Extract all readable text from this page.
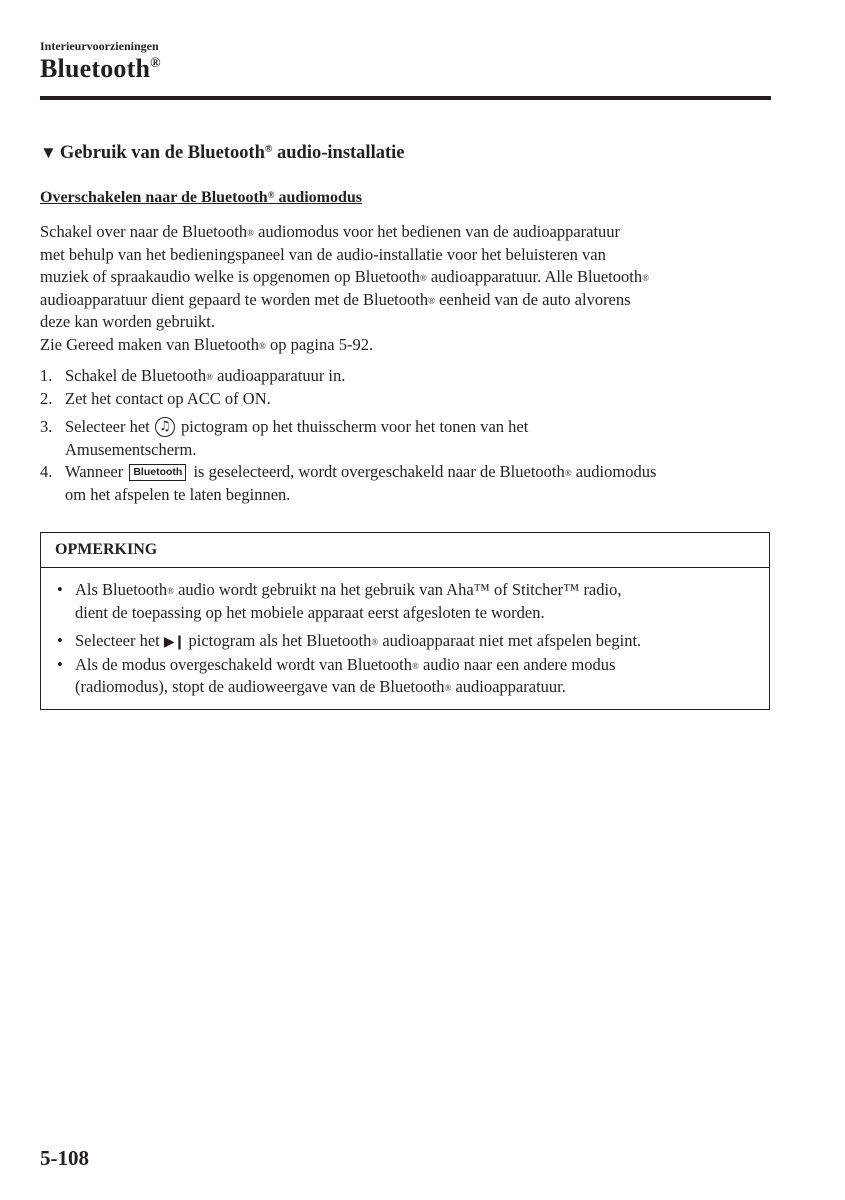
Interieurvoorzieningen
Bluetooth®
▼ Gebruik van de Bluetooth® audio-installatie
Overschakelen naar de Bluetooth® audiomodus
Schakel over naar de Bluetooth® audiomodus voor het bedienen van de audioapparatuur
met behulp van het bedieningspaneel van de audio-installatie voor het beluisteren van
muziek of spraakaudio welke is opgenomen op Bluetooth® audioapparatuur. Alle Bluetooth®
audioapparatuur dient gepaard te worden met de Bluetooth® eenheid van de auto alvorens
deze kan worden gebruikt.
Zie Gereed maken van Bluetooth® op pagina 5-92.
1. Schakel de Bluetooth® audioapparatuur in.
2. Zet het contact op ACC of ON.
3. Selecteer het ♫ pictogram op het thuisscherm voor het tonen van het
Amusementscherm.
4. Wanneer Bluetooth is geselecteerd, wordt overgeschakeld naar de Bluetooth® audiomodus
om het afspelen te laten beginnen.
OPMERKING
• Als Bluetooth® audio wordt gebruikt na het gebruik van Aha™ of Stitcher™ radio,
dient de toepassing op het mobiele apparaat eerst afgesloten te worden.
• Selecteer het ▶❙ pictogram als het Bluetooth® audioapparaat niet met afspelen begint.
• Als de modus overgeschakeld wordt van Bluetooth® audio naar een andere modus
(radiomodus), stopt de audioweergave van de Bluetooth® audioapparatuur.
5-108
